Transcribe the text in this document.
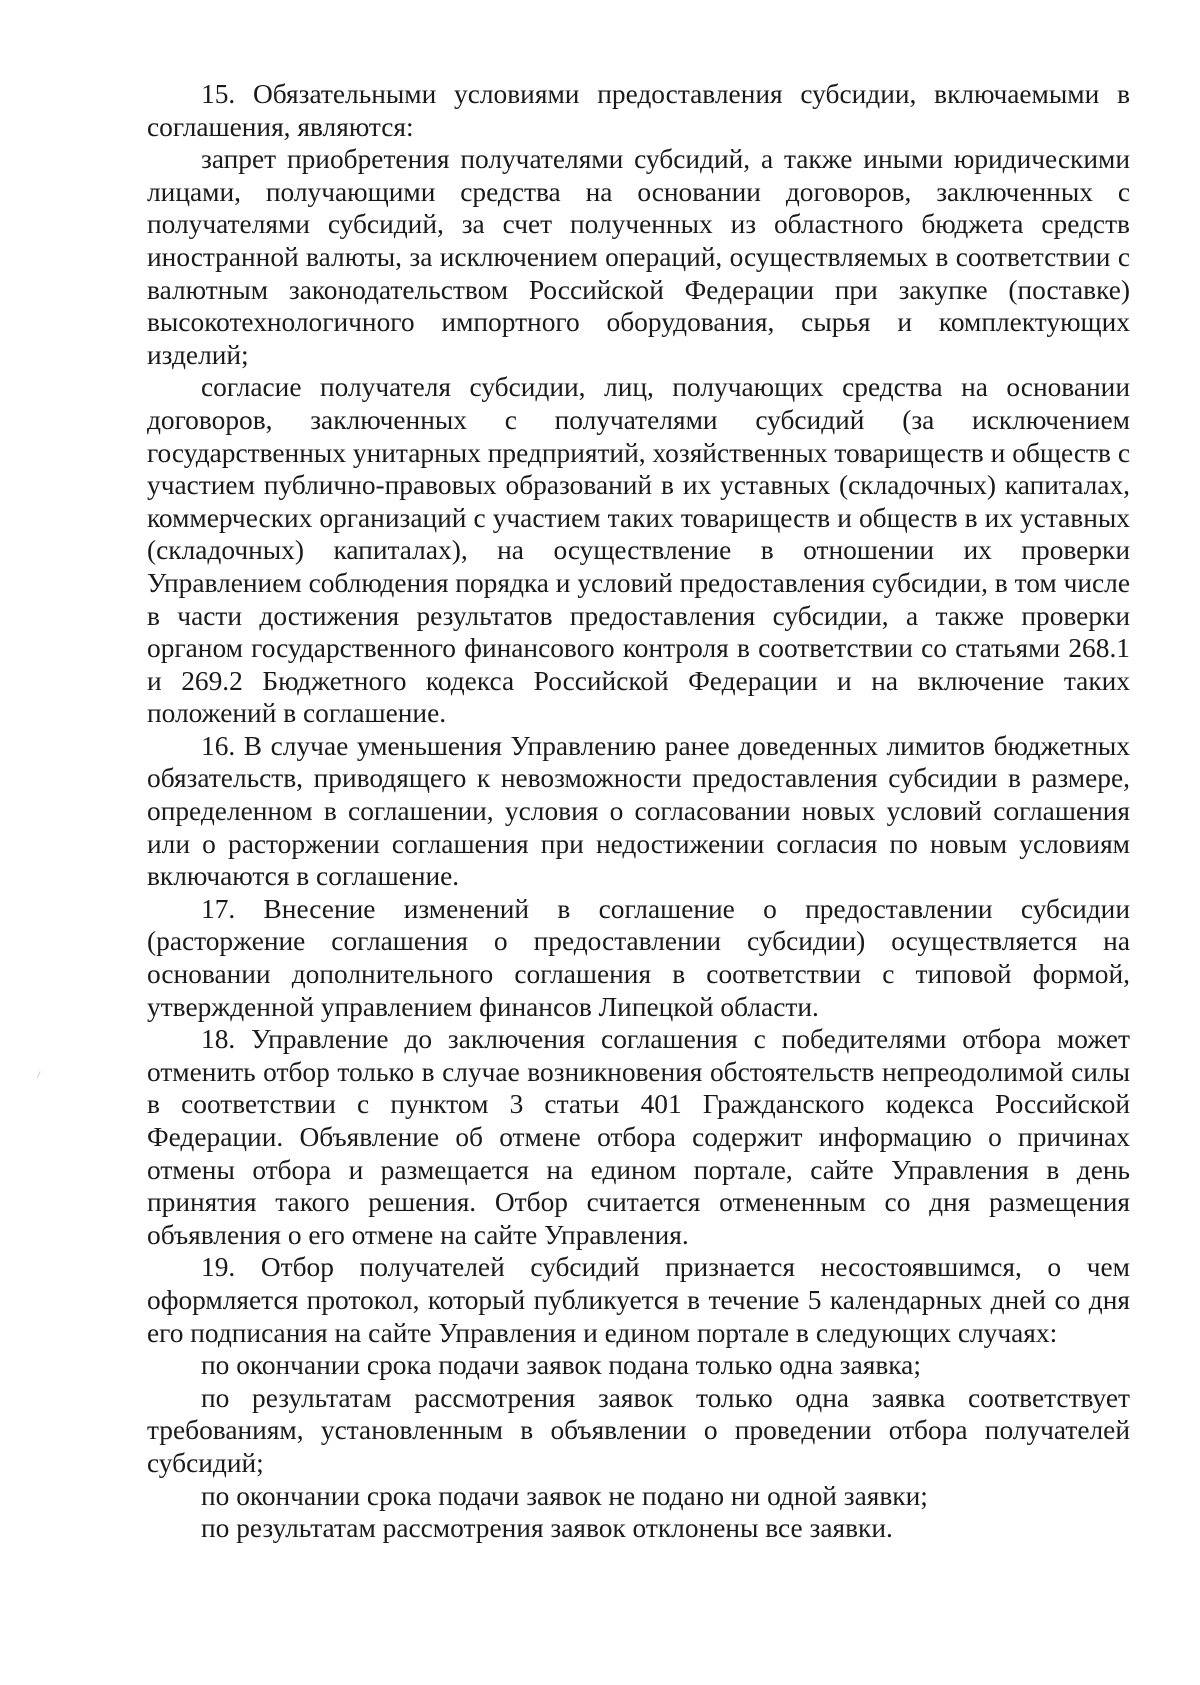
15. Обязательными условиями предоставления субсидии, включаемыми в соглашения, являются:

запрет приобретения получателями субсидий, а также иными юридическими лицами, получающими средства на основании договоров, заключенных с получателями субсидий, за счет полученных из областного бюджета средств иностранной валюты, за исключением операций, осуществляемых в соответствии с валютным законодательством Российской Федерации при закупке (поставке) высокотехнологичного импортного оборудования, сырья и комплектующих изделий;

согласие получателя субсидии, лиц, получающих средства на основании договоров, заключенных с получателями субсидий (за исключением государственных унитарных предприятий, хозяйственных товариществ и обществ с участием публично-правовых образований в их уставных (складочных) капиталах, коммерческих организаций с участием таких товариществ и обществ в их уставных (складочных) капиталах), на осуществление в отношении их проверки Управлением соблюдения порядка и условий предоставления субсидии, в том числе в части достижения результатов предоставления субсидии, а также проверки органом государственного финансового контроля в соответствии со статьями 268.1 и 269.2 Бюджетного кодекса Российской Федерации и на включение таких положений в соглашение.

16. В случае уменьшения Управлению ранее доведенных лимитов бюджетных обязательств, приводящего к невозможности предоставления субсидии в размере, определенном в соглашении, условия о согласовании новых условий соглашения или о расторжении соглашения при недостижении согласия по новым условиям включаются в соглашение.

17. Внесение изменений в соглашение о предоставлении субсидии (расторжение соглашения о предоставлении субсидии) осуществляется на основании дополнительного соглашения в соответствии с типовой формой, утвержденной управлением финансов Липецкой области.

18. Управление до заключения соглашения с победителями отбора может отменить отбор только в случае возникновения обстоятельств непреодолимой силы в соответствии с пунктом 3 статьи 401 Гражданского кодекса Российской Федерации. Объявление об отмене отбора содержит информацию о причинах отмены отбора и размещается на едином портале, сайте Управления в день принятия такого решения. Отбор считается отмененным со дня размещения объявления о его отмене на сайте Управления.

19. Отбор получателей субсидий признается несостоявшимся, о чем оформляется протокол, который публикуется в течение 5 календарных дней со дня его подписания на сайте Управления и едином портале в следующих случаях:

по окончании срока подачи заявок подана только одна заявка;

по результатам рассмотрения заявок только одна заявка соответствует требованиям, установленным в объявлении о проведении отбора получателей субсидий;

по окончании срока подачи заявок не подано ни одной заявки;

по результатам рассмотрения заявок отклонены все заявки.
